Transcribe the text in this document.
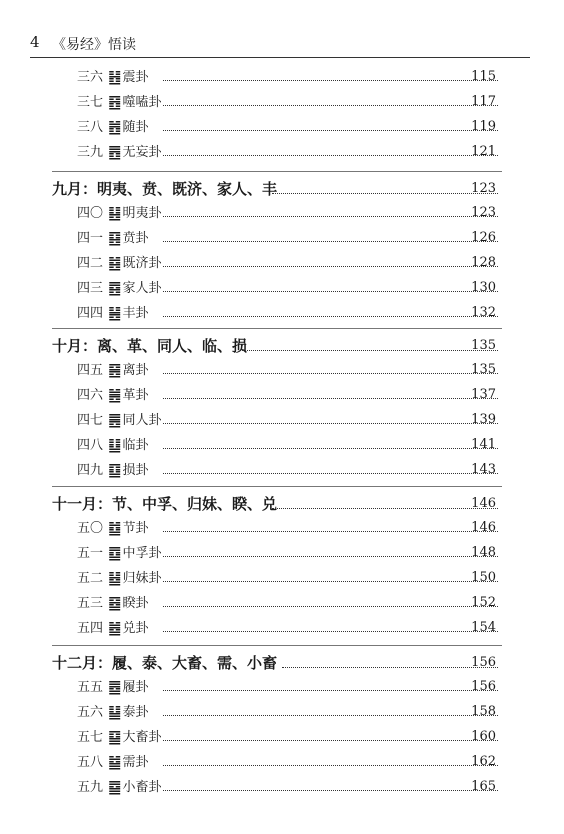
4 《易经》悟读
三六 ䷲震卦	115
三七 ䷔噬嗑卦	117
三八 ䷐随卦	119
三九 ䷘无妄卦	121
九月：明夷、贲、既济、家人、丰	123
四〇 ䷣明夷卦	123
四一 ䷕贲卦	126
四二 ䷾既济卦	128
四三 ䷤家人卦	130
四四 ䷶丰卦	132
十月：离、革、同人、临、损	135
四五 ䷝离卦	135
四六 ䷰革卦	137
四七 ䷌同人卦	139
四八 ䷒临卦	141
四九 ䷨损卦	143
十一月：节、中孚、归妹、睽、兑	146
五〇 ䷻节卦	146
五一 ䷼中孚卦	148
五二 ䷵归妹卦	150
五三 ䷥睽卦	152
五四 ䷹兑卦	154
十二月：履、泰、大畜、需、小畜	156
五五 ䷉履卦	156
五六 ䷊泰卦	158
五七 ䷙大畜卦	160
五八 ䷄需卦	162
五九 ䷈小畜卦	165
